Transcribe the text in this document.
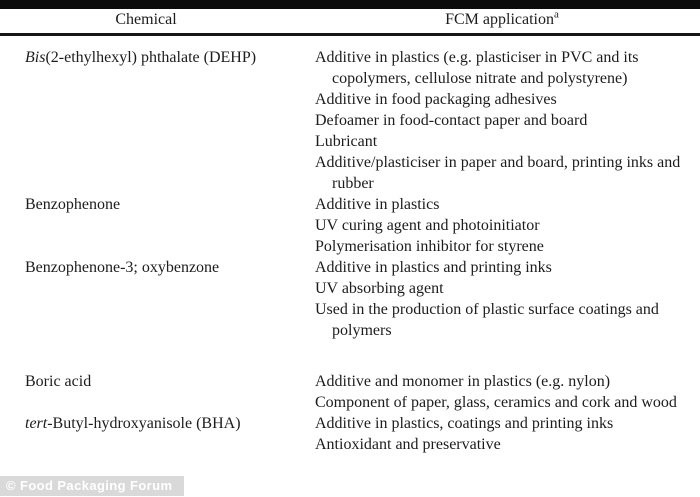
Chemical	FCM application$^a$
Bis(2-ethylhexyl) phthalate (DEHP)	Additive in plastics (e.g. plasticiser in PVC and its copolymers, cellulose nitrate and polystyrene)
Additive in food packaging adhesives
Defoamer in food-contact paper and board
Lubricant
Additive/plasticiser in paper and board, printing inks and rubber
Benzophenone	Additive in plastics
UV curing agent and photoinitiator
Polymerisation inhibitor for styrene
Benzophenone-3; oxybenzone	Additive in plastics and printing inks
UV absorbing agent
Used in the production of plastic surface coatings and polymers
Boric acid	Additive and monomer in plastics (e.g. nylon)
Component of paper, glass, ceramics and cork and wood
tert-Butyl-hydroxyanisole (BHA)	Additive in plastics, coatings and printing inks
Antioxidant and preservative
© Food Packaging Forum
